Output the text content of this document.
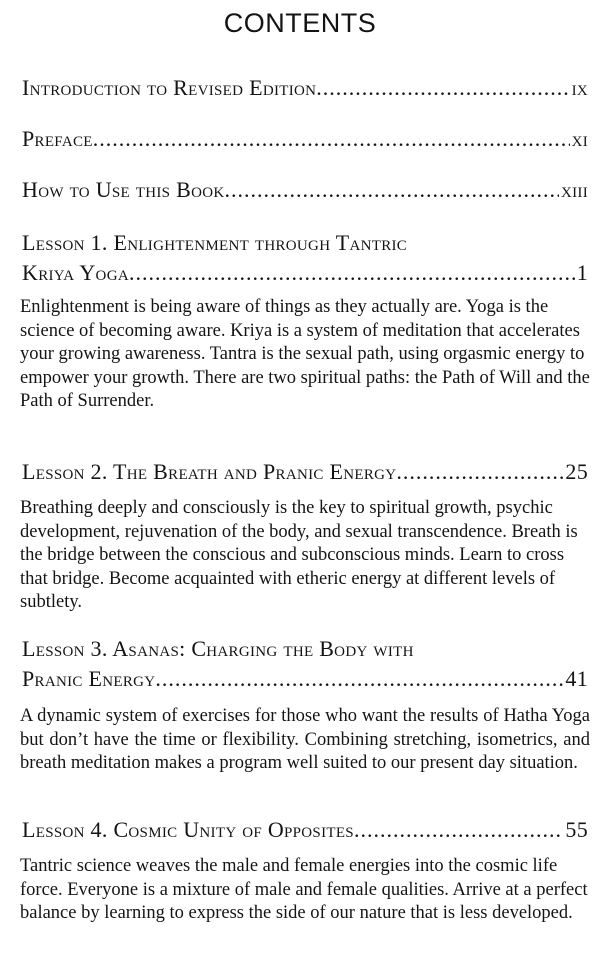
CONTENTS
Introduction to Revised Edition .....	ix
Preface .....	xi
How to Use this Book .....	xiii
Lesson 1. Enlightenment through Tantric
Kriya Yoga .....	1
Enlightenment is being aware of things as they actually are. Yoga is the science of becoming aware. Kriya is a system of meditation that accelerates your growing awareness. Tantra is the sexual path, using orgasmic energy to empower your growth. There are two spiritual paths: the Path of Will and the Path of Surrender.
Lesson 2. The Breath and Pranic Energy .....	25
Breathing deeply and consciously is the key to spiritual growth, psychic development, rejuvenation of the body, and sexual transcendence. Breath is the bridge between the conscious and subconscious minds. Learn to cross that bridge. Become acquainted with etheric energy at different levels of subtlety.
Lesson 3. Asanas: Charging the Body with
Pranic Energy .....	41
A dynamic system of exercises for those who want the results of Hatha Yoga but don’t have the time or flexibility. Combining stretching, isometrics, and breath meditation makes a program well suited to our present day situation.
Lesson 4. Cosmic Unity of Opposites .....	55
Tantric science weaves the male and female energies into the cosmic life force. Everyone is a mixture of male and female qualities. Arrive at a perfect balance by learning to express the side of our nature that is less developed.
